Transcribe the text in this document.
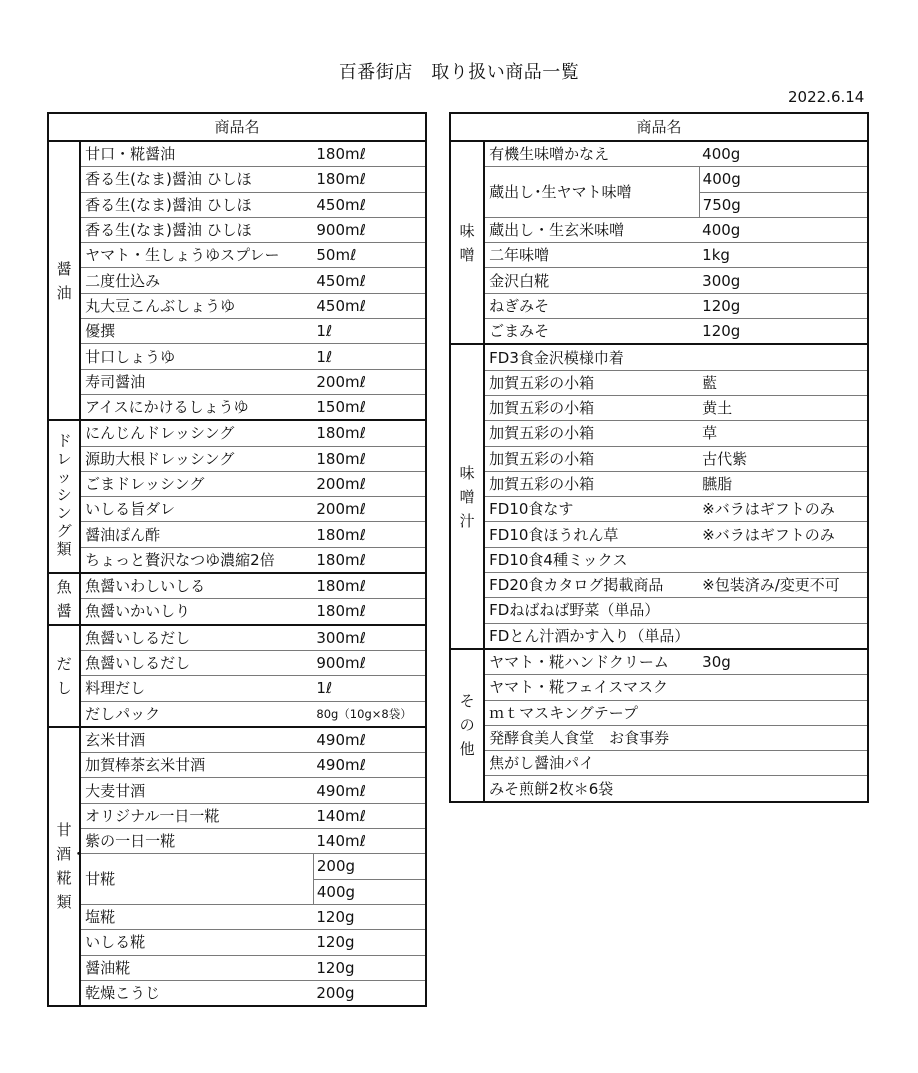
百番街店　取り扱い商品一覧
2022.6.14
商品名		
醤油	甘口・糀醤油	180mℓ
	香る生(なま)醤油 ひしほ	180mℓ
	香る生(なま)醤油 ひしほ	450mℓ
	香る生(なま)醤油 ひしほ	900mℓ
	ヤマト・生しょうゆスプレー	50mℓ
	二度仕込み	450mℓ
	丸大豆こんぶしょうゆ	450mℓ
	優撰	1ℓ
	甘口しょうゆ	1ℓ
	寿司醤油	200mℓ
	アイスにかけるしょうゆ	150mℓ
ドレッシング類	にんじんドレッシング	180mℓ
	源助大根ドレッシング	180mℓ
	ごまドレッシング	200mℓ
	いしる旨ダレ	200mℓ
	醤油ぽん酢	180mℓ
	ちょっと贅沢なつゆ濃縮2倍	180mℓ
魚醤	魚醤いわしいしる	180mℓ
	魚醤いかいしり	180mℓ
だし	魚醤いしるだし	300mℓ
	魚醤いしるだし	900mℓ
	料理だし	1ℓ
	だしパック	80g（10g×8袋）
甘酒・糀類	玄米甘酒	490mℓ
	加賀棒茶玄米甘酒	490mℓ
	大麦甘酒	490mℓ
	オリジナル一日一糀	140mℓ
	紫の一日一糀	140mℓ
	甘糀	200g
		400g
	塩糀	120g
	いしる糀	120g
	醤油糀	120g
	乾燥こうじ	200g
商品名		
味噌	有機生味噌かなえ	400g
	蔵出し･生ヤマト味噌	400g
		750g
	蔵出し・生玄米味噌	400g
	二年味噌	1kg
	金沢白糀	300g
	ねぎみそ	120g
	ごまみそ	120g
味噌汁	FD3食金沢模様巾着	
	加賀五彩の小箱	藍
	加賀五彩の小箱	黄土
	加賀五彩の小箱	草
	加賀五彩の小箱	古代紫
	加賀五彩の小箱	臙脂
	FD10食なす	※バラはギフトのみ
	FD10食ほうれん草	※バラはギフトのみ
	FD10食4種ミックス	
	FD20食カタログ掲載商品	※包装済み/変更不可
	FDねばねば野菜（単品）	
	FDとん汁酒かす入り（単品）	
その他	ヤマト・糀ハンドクリーム	30g
	ヤマト・糀フェイスマスク	
	ｍｔマスキングテープ	
	発酵食美人食堂　お食事券	
	焦がし醤油パイ	
	みそ煎餅2枚＊6袋	
